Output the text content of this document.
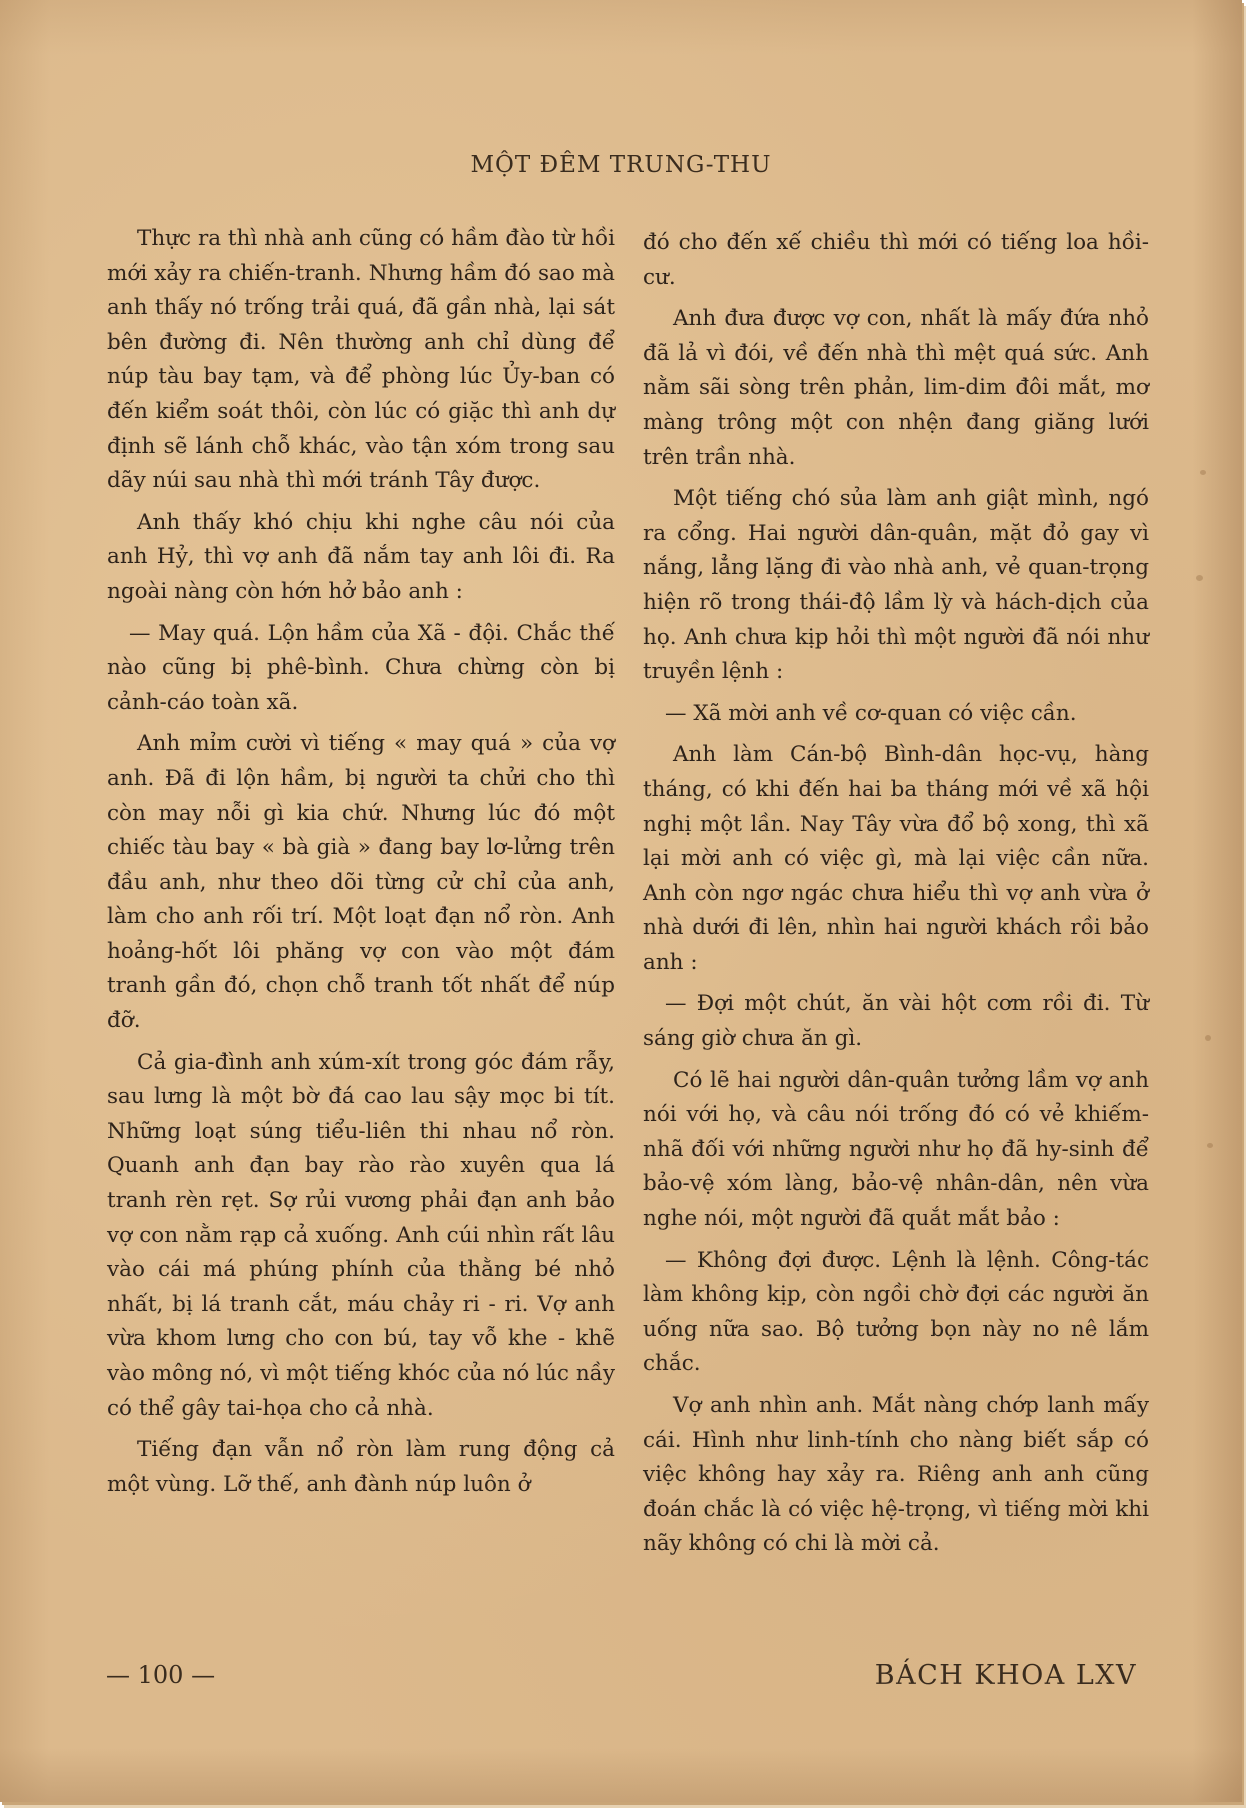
MỘT ĐÊM TRUNG-THU

Thực ra thì nhà anh cũng có hầm đào từ hồi mới xảy ra chiến-tranh. Nhưng hầm đó sao mà anh thấy nó trống trải quá, đã gần nhà, lại sát bên đường đi. Nên thường anh chỉ dùng để núp tàu bay tạm, và để phòng lúc Ủy-ban có đến kiểm soát thôi, còn lúc có giặc thì anh dự định sẽ lánh chỗ khác, vào tận xóm trong sau dãy núi sau nhà thì mới tránh Tây được.

Anh thấy khó chịu khi nghe câu nói của anh Hỷ, thì vợ anh đã nắm tay anh lôi đi. Ra ngoài nàng còn hớn hở bảo anh :

— May quá. Lộn hầm của Xã - đội. Chắc thế nào cũng bị phê-bình. Chưa chừng còn bị cảnh-cáo toàn xã.

Anh mỉm cười vì tiếng « may quá » của vợ anh. Đã đi lộn hầm, bị người ta chửi cho thì còn may nỗi gì kia chứ. Nhưng lúc đó một chiếc tàu bay « bà già » đang bay lơ-lửng trên đầu anh, như theo dõi từng cử chỉ của anh, làm cho anh rối trí. Một loạt đạn nổ ròn. Anh hoảng-hốt lôi phăng vợ con vào một đám tranh gần đó, chọn chỗ tranh tốt nhất để núp đỡ.

Cả gia-đình anh xúm-xít trong góc đám rẫy, sau lưng là một bờ đá cao lau sậy mọc bi tít. Những loạt súng tiểu-liên thi nhau nổ ròn. Quanh anh đạn bay rào rào xuyên qua lá tranh rèn rẹt. Sợ rủi vương phải đạn anh bảo vợ con nằm rạp cả xuống. Anh cúi nhìn rất lâu vào cái má phúng phính của thằng bé nhỏ nhất, bị lá tranh cắt, máu chảy ri - ri. Vợ anh vừa khom lưng cho con bú, tay vỗ khe - khẽ vào mông nó, vì một tiếng khóc của nó lúc nầy có thể gây tai-họa cho cả nhà.

Tiếng đạn vẫn nổ ròn làm rung động cả một vùng. Lỡ thế, anh đành núp luôn ở

đó cho đến xế chiều thì mới có tiếng loa hồi-cư.

Anh đưa được vợ con, nhất là mấy đứa nhỏ đã lả vì đói, về đến nhà thì mệt quá sức. Anh nằm sãi sòng trên phản, lim-dim đôi mắt, mơ màng trông một con nhện đang giăng lưới trên trần nhà.

Một tiếng chó sủa làm anh giật mình, ngó ra cổng. Hai người dân-quân, mặt đỏ gay vì nắng, lẳng lặng đi vào nhà anh, vẻ quan-trọng hiện rõ trong thái-độ lầm lỳ và hách-dịch của họ. Anh chưa kịp hỏi thì một người đã nói như truyền lệnh :

— Xã mời anh về cơ-quan có việc cần.

Anh làm Cán-bộ Bình-dân học-vụ, hàng tháng, có khi đến hai ba tháng mới về xã hội nghị một lần. Nay Tây vừa đổ bộ xong, thì xã lại mời anh có việc gì, mà lại việc cần nữa. Anh còn ngơ ngác chưa hiểu thì vợ anh vừa ở nhà dưới đi lên, nhìn hai người khách rồi bảo anh :

— Đợi một chút, ăn vài hột cơm rồi đi. Từ sáng giờ chưa ăn gì.

Có lẽ hai người dân-quân tưởng lầm vợ anh nói với họ, và câu nói trống đó có vẻ khiếm-nhã đối với những người như họ đã hy-sinh để bảo-vệ xóm làng, bảo-vệ nhân-dân, nên vừa nghe nói, một người đã quắt mắt bảo :

— Không đợi được. Lệnh là lệnh. Công-tác làm không kịp, còn ngồi chờ đợi các người ăn uống nữa sao. Bộ tưởng bọn này no nê lắm chắc.

Vợ anh nhìn anh. Mắt nàng chớp lanh mấy cái. Hình như linh-tính cho nàng biết sắp có việc không hay xảy ra. Riêng anh anh cũng đoán chắc là có việc hệ-trọng, vì tiếng mời khi nãy không có chi là mời cả.

— 100 —	BÁCH KHOA LXV
